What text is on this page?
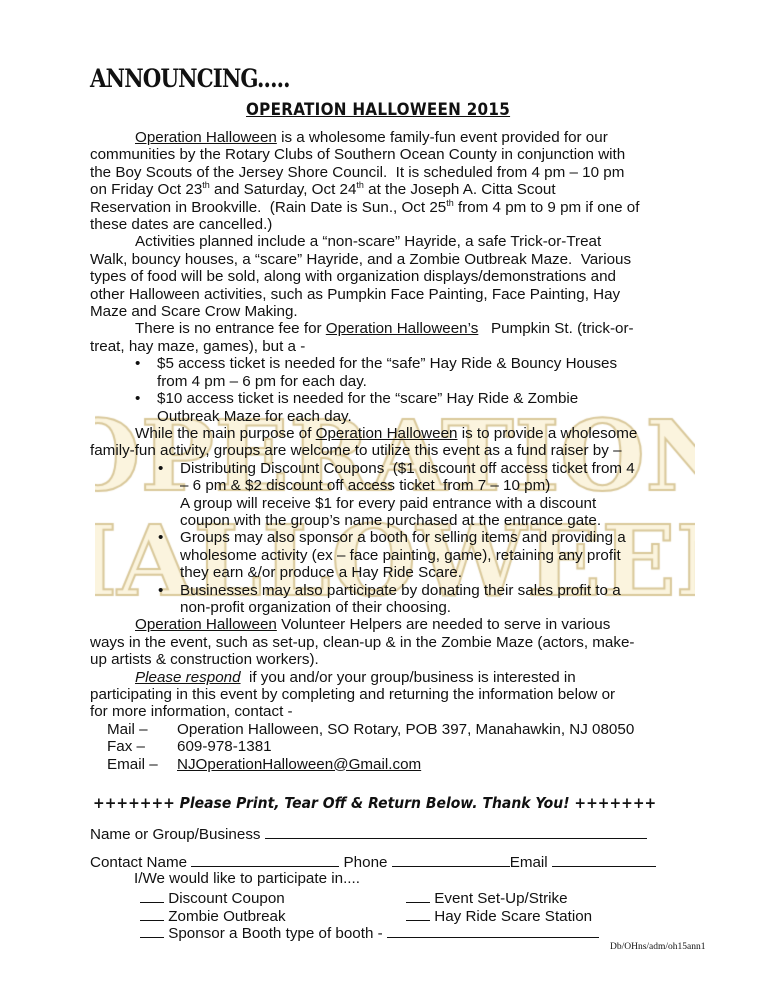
ANNOUNCING.....
OPERATION HALLOWEEN 2015
Operation Halloween is a wholesome family-fun event provided for our
communities by the Rotary Clubs of Southern Ocean County in conjunction with
the Boy Scouts of the Jersey Shore Council.  It is scheduled from 4 pm – 10 pm
on Friday Oct 23th and Saturday, Oct 24th at the Joseph A. Citta Scout
Reservation in Brookville.  (Rain Date is Sun., Oct 25th from 4 pm to 9 pm if one of
these dates are cancelled.)
Activities planned include a “non-scare” Hayride, a safe Trick-or-Treat
Walk, bouncy houses, a “scare” Hayride, and a Zombie Outbreak Maze.  Various
types of food will be sold, along with organization displays/demonstrations and
other Halloween activities, such as Pumpkin Face Painting, Face Painting, Hay
Maze and Scare Crow Making.
There is no entrance fee for Operation Halloween’s   Pumpkin St. (trick-or-
treat, hay maze, games), but a -
• $5 access ticket is needed for the “safe” Hay Ride & Bouncy Houses
from 4 pm – 6 pm for each day.
• $10 access ticket is needed for the “scare” Hay Ride & Zombie
Outbreak Maze for each day.
While the main purpose of Operation Halloween is to provide a wholesome
family-fun activity, groups are welcome to utilize this event as a fund raiser by –
• Distributing Discount Coupons  ($1 discount off access ticket from 4
– 6 pm & $2 discount off access ticket  from 7 – 10 pm)
A group will receive $1 for every paid entrance with a discount
coupon with the group’s name purchased at the entrance gate.
• Groups may also sponsor a booth for selling items and providing a
wholesome activity (ex – face painting, game), retaining any profit
they earn &/or produce a Hay Ride Scare.
• Businesses may also participate by donating their sales profit to a
non-profit organization of their choosing.
Operation Halloween Volunteer Helpers are needed to serve in various
ways in the event, such as set-up, clean-up & in the Zombie Maze (actors, make-
up artists & construction workers).
Please respond  if you and/or your group/business is interested in
participating in this event by completing and returning the information below or
for more information, contact -
Mail –	Operation Halloween, SO Rotary, POB 397, Manahawkin, NJ 08050
Fax –	609-978-1381
Email –	NJOperationHalloween@Gmail.com
+++++++ Please Print, Tear Off & Return Below. Thank You! +++++++
Name or Group/Business
Contact Name	Phone	Email
I/We would like to participate in....
Discount Coupon	Event Set-Up/Strike
Zombie Outbreak	Hay Ride Scare Station
Sponsor a Booth type of booth -
Db/OHns/adm/oh15ann1
